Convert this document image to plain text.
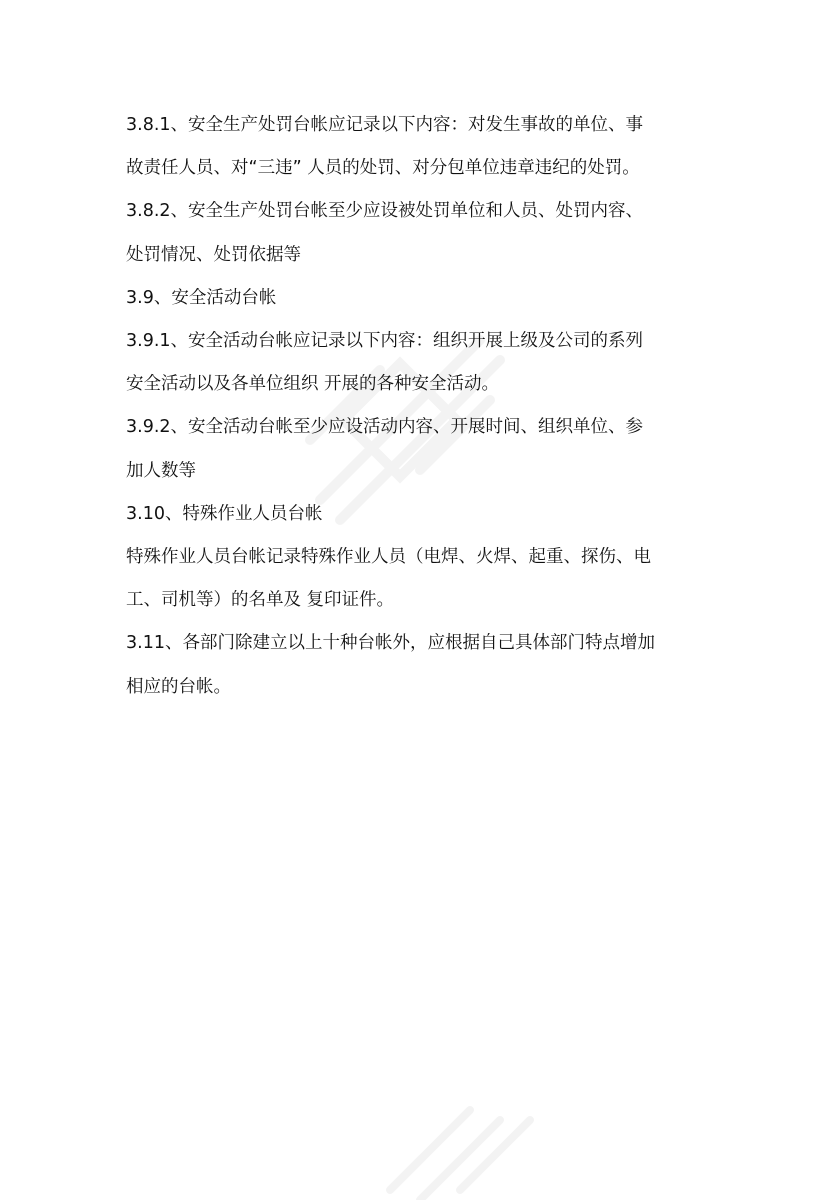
3.8.1、安全生产处罚台帐应记录以下内容：对发生事故的单位、事

故责任人员、对“三违” 人员的处罚、对分包单位违章违纪的处罚。

3.8.2、安全生产处罚台帐至少应设被处罚单位和人员、处罚内容、

处罚情况、处罚依据等

3.9、安全活动台帐

3.9.1、安全活动台帐应记录以下内容：组织开展上级及公司的系列

安全活动以及各单位组织 开展的各种安全活动。

3.9.2、安全活动台帐至少应设活动内容、开展时间、组织单位、参

加人数等

3.10、特殊作业人员台帐

特殊作业人员台帐记录特殊作业人员（电焊、火焊、起重、探伤、电

工、司机等）的名单及 复印证件。

3.11、各部门除建立以上十种台帐外，应根据自己具体部门特点增加

相应的台帐。
